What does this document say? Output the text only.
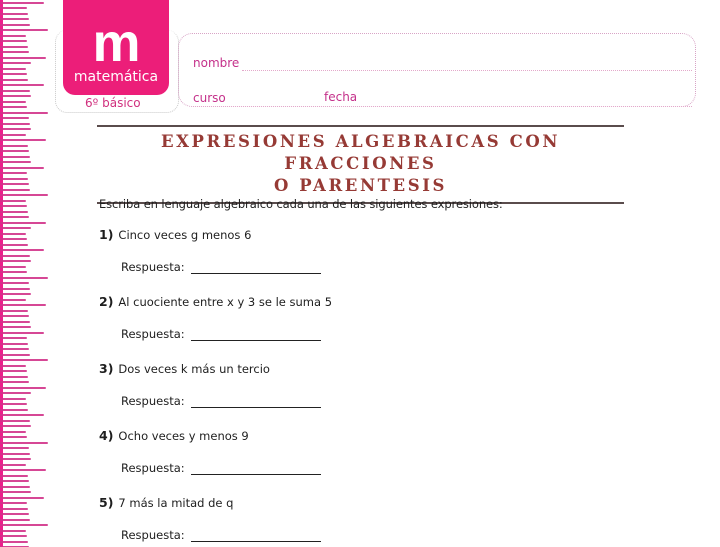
m
matemática
6º básico
nombre
curso	fecha
EXPRESIONES ALGEBRAICAS CON FRACCIONES
O PARENTESIS
Escriba en lenguaje algebraico cada una de las siguientes expresiones:
1) Cinco veces g menos 6
Respuesta:
2) Al cuociente entre x y 3 se le suma 5
Respuesta:
3) Dos veces k más un tercio
Respuesta:
4) Ocho veces y menos 9
Respuesta:
5) 7 más la mitad de q
Respuesta:
